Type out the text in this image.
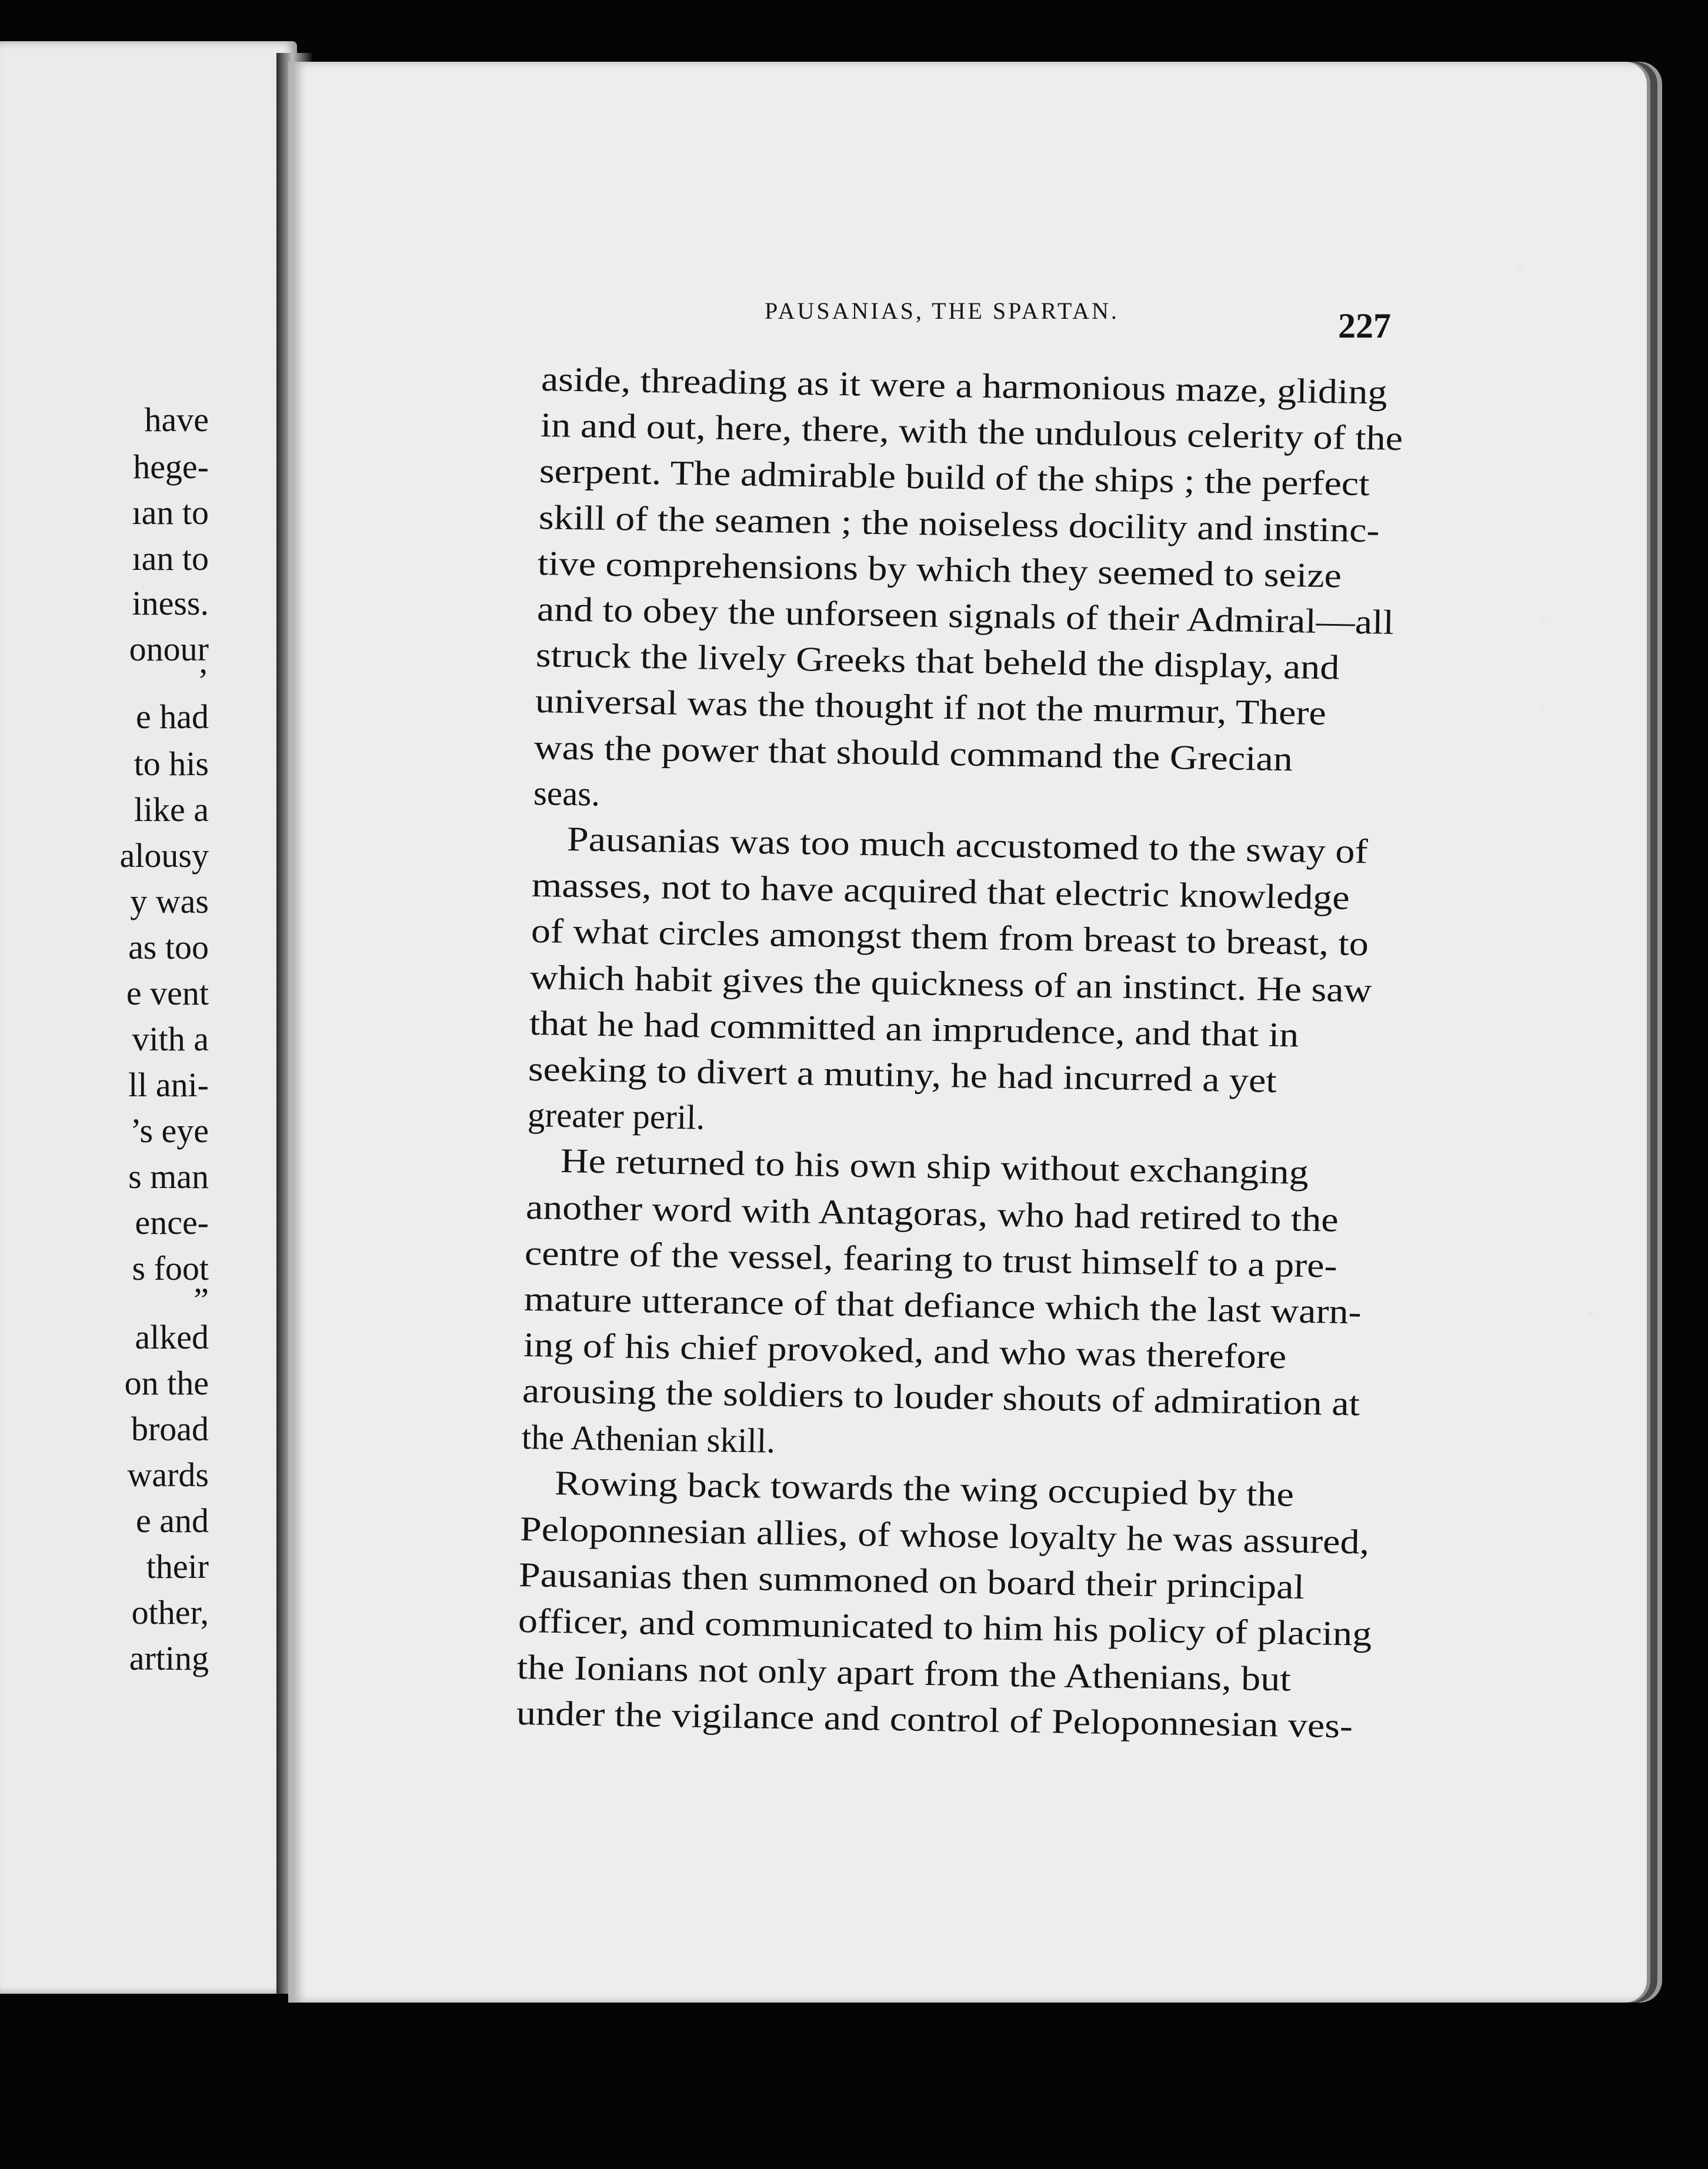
have
hege-
ıan to
ıan to
iness.
onour
’
e had
to his
like a
alousy
y was
as too
e vent
vith a
ll ani-
’s eye
s man
ence-
s foot
”
alked
on the
broad
wards
e and
their
other,
arting
PAUSANIAS, THE SPARTAN.	227
aside, threading as it were a harmonious maze, gliding
in and out, here, there, with the undulous celerity of the
serpent. The admirable build of the ships ; the perfect
skill of the seamen ; the noiseless docility and instinc-
tive comprehensions by which they seemed to seize
and to obey the unforseen signals of their Admiral—all
struck the lively Greeks that beheld the display, and
universal was the thought if not the murmur, There
was the power that should command the Grecian
seas.
Pausanias was too much accustomed to the sway of
masses, not to have acquired that electric knowledge
of what circles amongst them from breast to breast, to
which habit gives the quickness of an instinct. He saw
that he had committed an imprudence, and that in
seeking to divert a mutiny, he had incurred a yet
greater peril.
He returned to his own ship without exchanging
another word with Antagoras, who had retired to the
centre of the vessel, fearing to trust himself to a pre-
mature utterance of that defiance which the last warn-
ing of his chief provoked, and who was therefore
arousing the soldiers to louder shouts of admiration at
the Athenian skill.
Rowing back towards the wing occupied by the
Peloponnesian allies, of whose loyalty he was assured,
Pausanias then summoned on board their principal
officer, and communicated to him his policy of placing
the Ionians not only apart from the Athenians, but
under the vigilance and control of Peloponnesian ves-
